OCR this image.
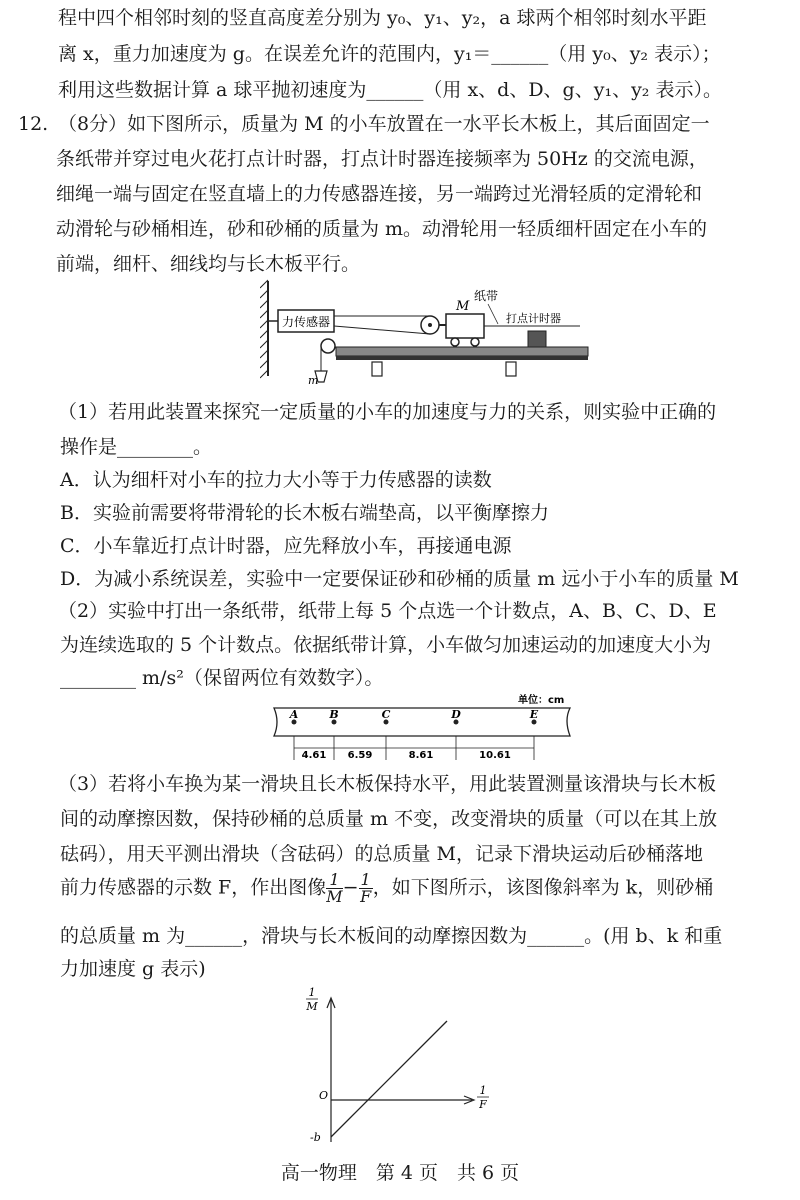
程中四个相邻时刻的竖直高度差分别为 y₀、y₁、y₂，a 球两个相邻时刻水平距
离 x，重力加速度为 g。在误差允许的范围内，y₁＝______（用 y₀、y₂ 表示）；
利用这些数据计算 a 球平抛初速度为______（用 x、d、D、g、y₁、y₂ 表示）。
12. （8分）如下图所示，质量为 M 的小车放置在一水平长木板上，其后面固定一
条纸带并穿过电火花打点计时器，打点计时器连接频率为 50Hz 的交流电源，
细绳一端与固定在竖直墙上的力传感器连接，另一端跨过光滑轻质的定滑轮和
动滑轮与砂桶相连，砂和砂桶的质量为 m。动滑轮用一轻质细杆固定在小车的
前端，细杆、细线均与长木板平行。
力传感器
m
M
纸带
打点计时器
（1）若用此装置来探究一定质量的小车的加速度与力的关系，则实验中正确的
操作是________。
A．认为细杆对小车的拉力大小等于力传感器的读数
B．实验前需要将带滑轮的长木板右端垫高，以平衡摩擦力
C．小车靠近打点计时器，应先释放小车，再接通电源
D．为减小系统误差，实验中一定要保证砂和砂桶的质量 m 远小于小车的质量 M
（2）实验中打出一条纸带，纸带上每 5 个点选一个计数点，A、B、C、D、E
为连续选取的 5 个计数点。依据纸带计算，小车做匀加速运动的加速度大小为
________ m/s²（保留两位有效数字）。
单位：cm
A	B	C	D	E
4.61 6.59	8.61	10.61
（3）若将小车换为某一滑块且长木板保持水平，用此装置测量该滑块与长木板
间的动摩擦因数，保持砂桶的总质量 m 不变，改变滑块的质量（可以在其上放
砝码），用天平测出滑块（含砝码）的总质量 M，记录下滑块运动后砂桶落地
前力传感器的示数 F，作出图像 $\frac{1}{M} - \frac{1}{F}$ ，如下图所示，该图像斜率为 k，则砂桶
的总质量 m 为______，滑块与长木板间的动摩擦因数为______。(用 b、k 和重
力加速度 g 表示)
1
M
1
F
O
-b
高一物理　第 4 页　共 6 页
